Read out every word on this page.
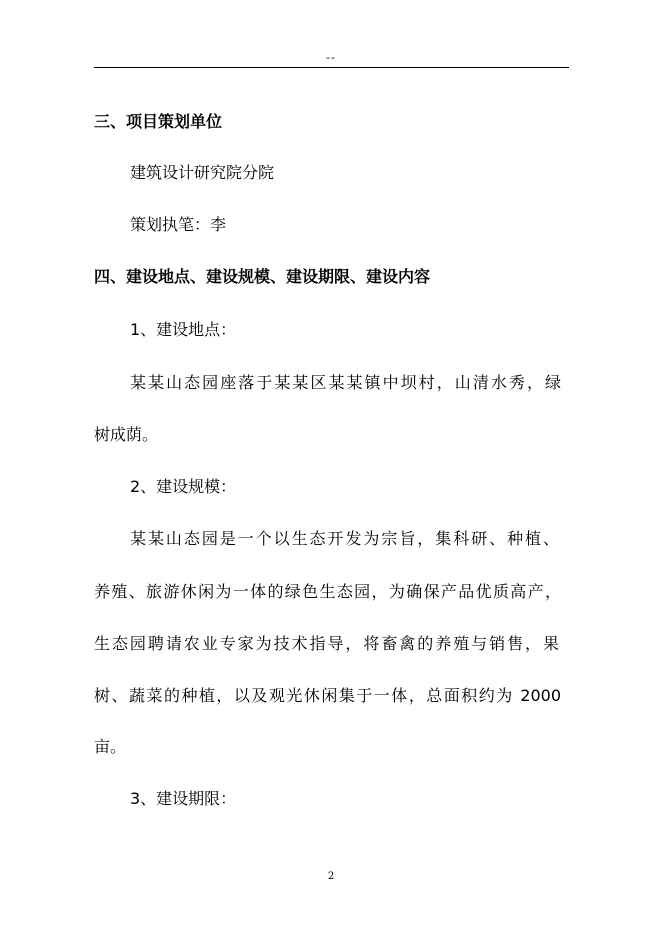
--
三、项目策划单位
建筑设计研究院分院
策划执笔：李
四、建设地点、建设规模、建设期限、建设内容
1、建设地点：
某某山态园座落于某某区某某镇中坝村，山清水秀，绿
树成荫。
2、建设规模：
某某山态园是一个以生态开发为宗旨，集科研、种植、
养殖、旅游休闲为一体的绿色生态园，为确保产品优质高产，
生态园聘请农业专家为技术指导，将畜禽的养殖与销售，果
树、蔬菜的种植，以及观光休闲集于一体，总面积约为 2000
亩。
3、建设期限：
2
